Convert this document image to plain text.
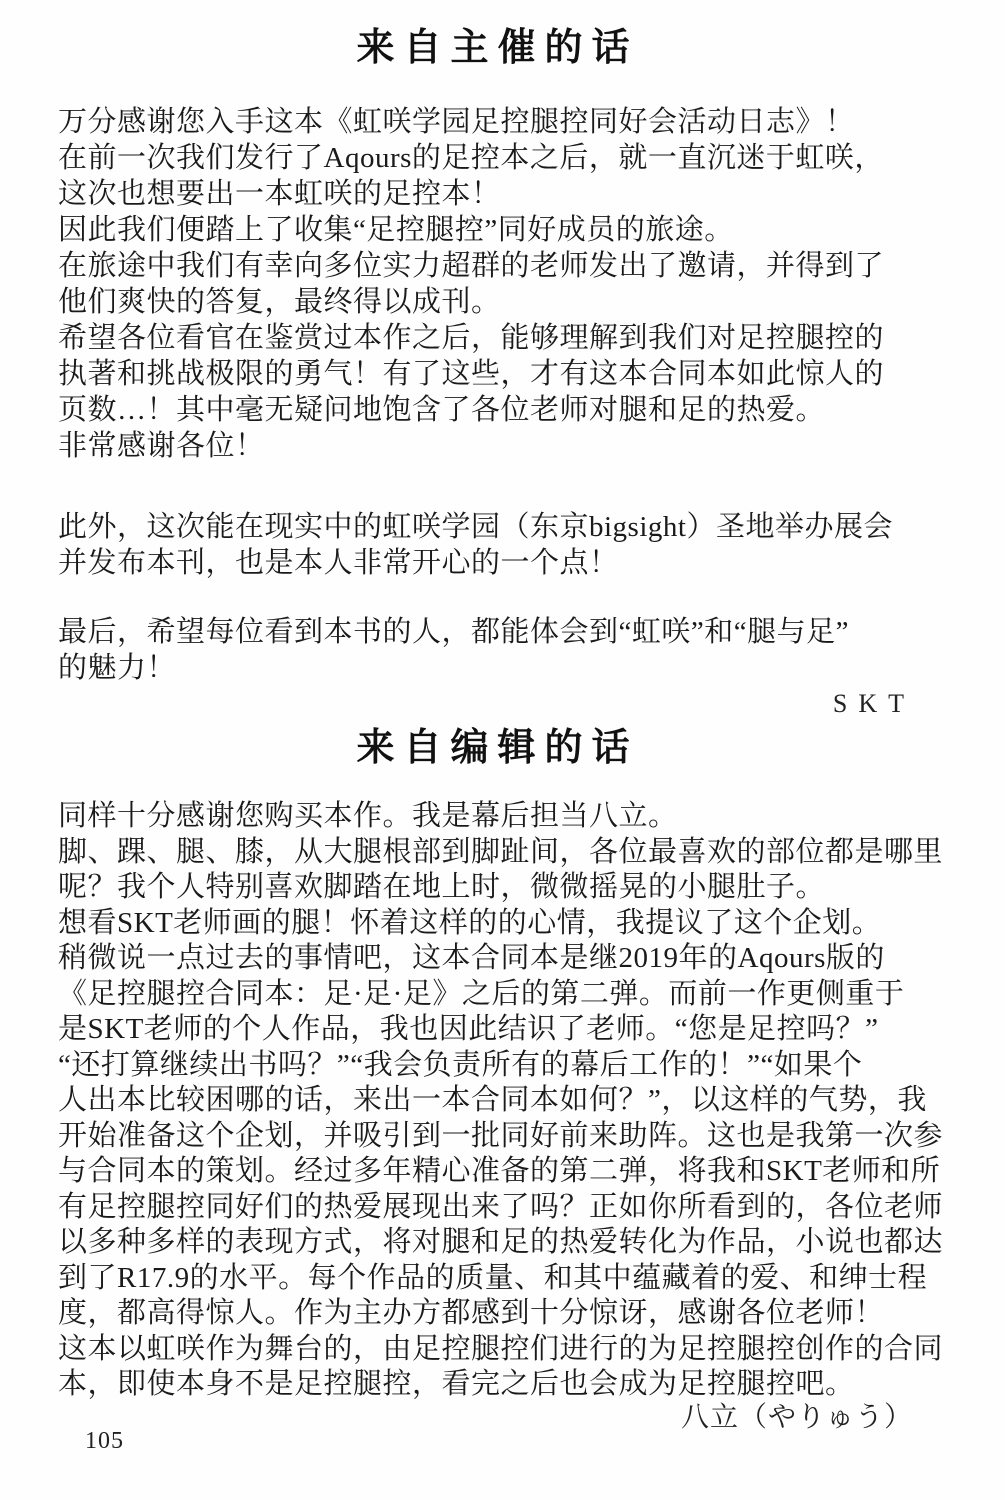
来自主催的话

万分感谢您入手这本《虹咲学园足控腿控同好会活动日志》！

在前一次我们发行了Aqours的足控本之后，就一直沉迷于虹咲，

这次也想要出一本虹咲的足控本！

因此我们便踏上了收集“足控腿控”同好成员的旅途。

在旅途中我们有幸向多位实力超群的老师发出了邀请，并得到了

他们爽快的答复，最终得以成刊。

希望各位看官在鉴赏过本作之后，能够理解到我们对足控腿控的

执著和挑战极限的勇气！有了这些，才有这本合同本如此惊人的

页数…！其中毫无疑问地饱含了各位老师对腿和足的热爱。

非常感谢各位！

此外，这次能在现实中的虹咲学园（东京bigsight）圣地举办展会

并发布本刊，也是本人非常开心的一个点！

最后，希望每位看到本书的人，都能体会到“虹咲”和“腿与足”

的魅力！

SKT
来自编辑的话

同样十分感谢您购买本作。我是幕后担当八立。

脚、踝、腿、膝，从大腿根部到脚趾间，各位最喜欢的部位都是哪里

呢？我个人特别喜欢脚踏在地上时，微微摇晃的小腿肚子。

想看SKT老师画的腿！怀着这样的的心情，我提议了这个企划。

稍微说一点过去的事情吧，这本合同本是继2019年的Aqours版的

《足控腿控合同本：足·足·足》之后的第二弹。而前一作更侧重于

是SKT老师的个人作品，我也因此结识了老师。“您是足控吗？”

“还打算继续出书吗？”“我会负责所有的幕后工作的！”“如果个

人出本比较困哪的话，来出一本合同本如何？”，以这样的气势，我

开始准备这个企划，并吸引到一批同好前来助阵。这也是我第一次参

与合同本的策划。经过多年精心准备的第二弹，将我和SKT老师和所

有足控腿控同好们的热爱展现出来了吗？正如你所看到的，各位老师

以多种多样的表现方式，将对腿和足的热爱转化为作品，小说也都达

到了R17.9的水平。每个作品的质量、和其中蕴藏着的爱、和绅士程

度，都高得惊人。作为主办方都感到十分惊讶，感谢各位老师！

这本以虹咲作为舞台的，由足控腿控们进行的为足控腿控创作的合同

本，即使本身不是足控腿控，看完之后也会成为足控腿控吧。

八立（やりゅう）
105
